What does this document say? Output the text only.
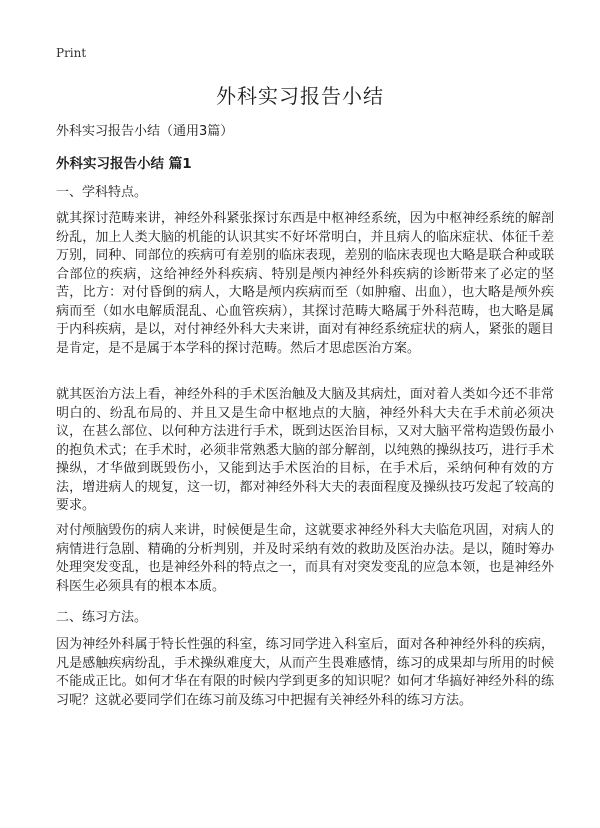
Print
外科实习报告小结

外科实习报告小结（通用3篇）

外科实习报告小结 篇1

一、学科特点。

就其探讨范畴来讲，神经外科紧张探讨东西是中枢神经系统，因为中枢神经系统的解剖纷乱，加上人类大脑的机能的认识其实不好坏常明白，并且病人的临床症状、体征千差万别，同种、同部位的疾病可有差别的临床表现，差别的临床表现也大略是联合种或联合部位的疾病，这给神经外科疾病、特别是颅内神经外科疾病的诊断带来了必定的坚苦，比方：对付昏倒的病人，大略是颅内疾病而至（如肿瘤、出血），也大略是颅外疾病而至（如水电解质混乱、心血管疾病），其探讨范畴大略属于外科范畴，也大略是属于内科疾病，是以，对付神经外科大夫来讲，面对有神经系统症状的病人，紧张的题目是肯定，是不是属于本学科的探讨范畴。然后才思虑医治方案。

就其医治方法上看，神经外科的手术医治触及大脑及其病灶，面对着人类如今还不非常明白的、纷乱布局的、并且又是生命中枢地点的大脑，神经外科大夫在手术前必须决议，在甚么部位、以何种方法进行手术，既到达医治目标，又对大脑平常构造毁伤最小的抱负术式；在手术时，必须非常熟悉大脑的部分解剖，以纯熟的操纵技巧，进行手术操纵，才华做到既毁伤小，又能到达手术医治的目标，在手术后，采纳何种有效的方法，增进病人的规复，这一切，都对神经外科大夫的表面程度及操纵技巧发起了较高的要求。

对付颅脑毁伤的病人来讲，时候便是生命，这就要求神经外科大夫临危巩固，对病人的病情进行急剧、精确的分析判别，并及时采纳有效的救助及医治办法。是以，随时筹办处理突发变乱，也是神经外科的特点之一，而具有对突发变乱的应急本领，也是神经外科医生必须具有的根本本质。

二、练习方法。

因为神经外科属于特长性强的科室，练习同学进入科室后，面对各种神经外科的疾病，凡是感触疾病纷乱，手术操纵难度大，从而产生畏难感情，练习的成果却与所用的时候不能成正比。如何才华在有限的时候内学到更多的知识呢？如何才华搞好神经外科的练习呢？这就必要同学们在练习前及练习中把握有关神经外科的练习方法。
